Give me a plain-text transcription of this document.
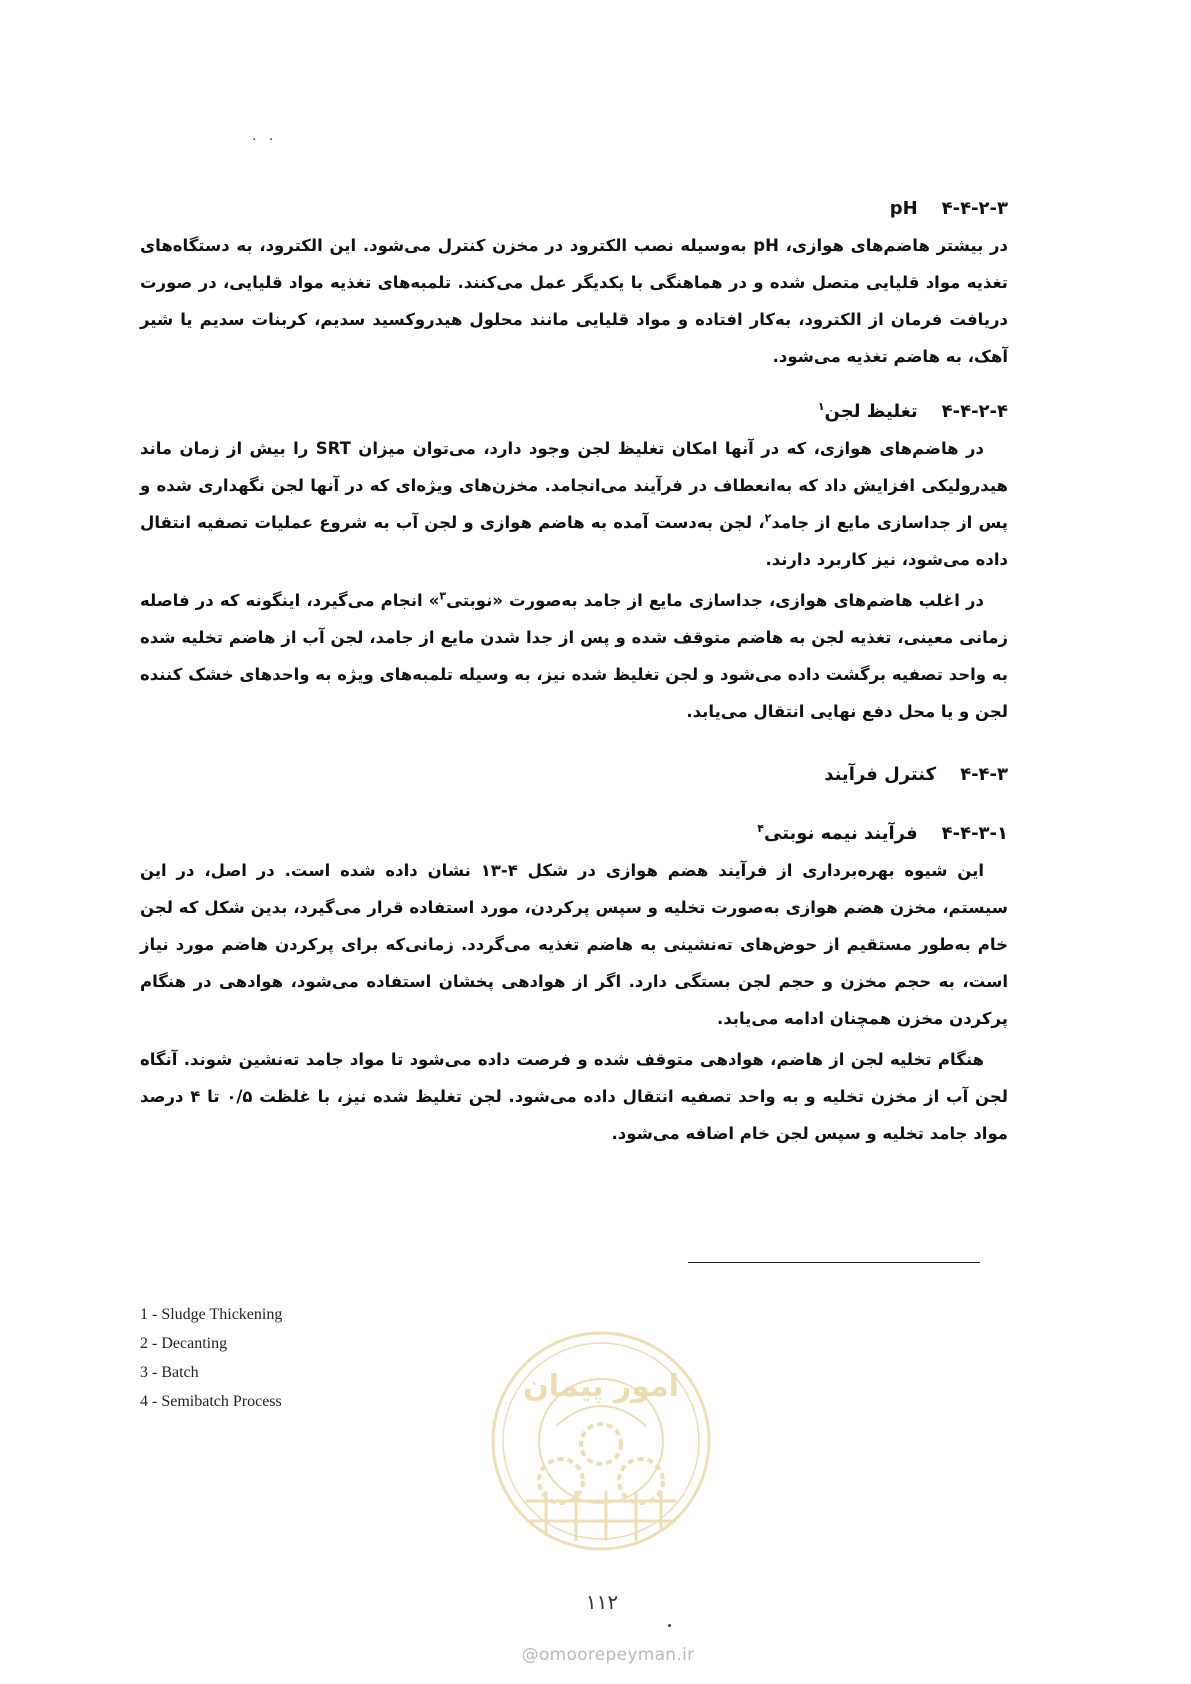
. .
۴-۴-۲-۳pH

در بیشتر هاضم‌های هوازی، pH به‌وسیله نصب الکترود در مخزن کنترل می‌شود. این الکترود، به دستگاه‌های تغذیه مواد قلیایی متصل شده و در هماهنگی با یکدیگر عمل می‌کنند. تلمبه‌های تغذیه مواد قلیایی، در صورت دریافت فرمان از الکترود، به‌کار افتاده و مواد قلیایی مانند محلول هیدروکسید سدیم، کربنات سدیم یا شیر آهک، به هاضم تغذیه می‌شود.

۴-۴-۲-۴تغلیظ لجن$^۱$

در هاضم‌های هوازی، که در آنها امکان تغلیظ لجن وجود دارد، می‌توان میزان SRT را بیش از زمان ماند هیدرولیکی افزایش داد که به‌انعطاف در فرآیند می‌انجامد. مخزن‌های ویژه‌ای که در آنها لجن نگهداری شده و پس از جداسازی مایع از جامد$^۲$، لجن به‌دست آمده به هاضم هوازی و لجن آب به شروع عملیات تصفیه انتقال داده می‌شود، نیز کاربرد دارند.

در اغلب هاضم‌های هوازی، جداسازی مایع از جامد به‌صورت «نوبتی$^۳$» انجام می‌گیرد، اینگونه که در فاصله زمانی معینی، تغذیه لجن به هاضم متوقف شده و پس از جدا شدن مایع از جامد، لجن آب از هاضم تخلیه شده به واحد تصفیه برگشت داده می‌شود و لجن تغلیظ شده نیز، به وسیله تلمبه‌های ویژه به واحدهای خشک کننده لجن و یا محل دفع نهایی انتقال می‌یابد.

۴-۴-۳کنترل فرآیند
۴-۴-۳-۱فرآیند نیمه نوبتی$^۴$

این شیوه بهره‌برداری از فرآیند هضم هوازی در شکل ۴-۱۳ نشان داده شده است. در اصل، در این سیستم، مخزن هضم هوازی به‌صورت تخلیه و سپس پرکردن، مورد استفاده قرار می‌گیرد، بدین شکل که لجن خام به‌طور مستقیم از حوض‌های ته‌نشینی به هاضم تغذیه می‌گردد. زمانی‌که برای پرکردن هاضم مورد نیاز است، به حجم مخزن و حجم لجن بستگی دارد. اگر از هوادهی پخشان استفاده می‌شود، هوادهی در هنگام پرکردن مخزن همچنان ادامه می‌یابد.

هنگام تخلیه لجن از هاضم، هوادهی متوقف شده و فرصت داده می‌شود تا مواد جامد ته‌نشین شوند. آنگاه لجن آب از مخزن تخلیه و به واحد تصفیه انتقال داده می‌شود. لجن تغلیظ شده نیز، با غلظت ۰/۵ تا ۴ درصد مواد جامد تخلیه و سپس لجن خام اضافه می‌شود.

1 - Sludge Thickening
2 - Decanting
3 - Batch
4 - Semibatch Process	امور پیمان
۱۱۲
@omoorepeyman.ir
